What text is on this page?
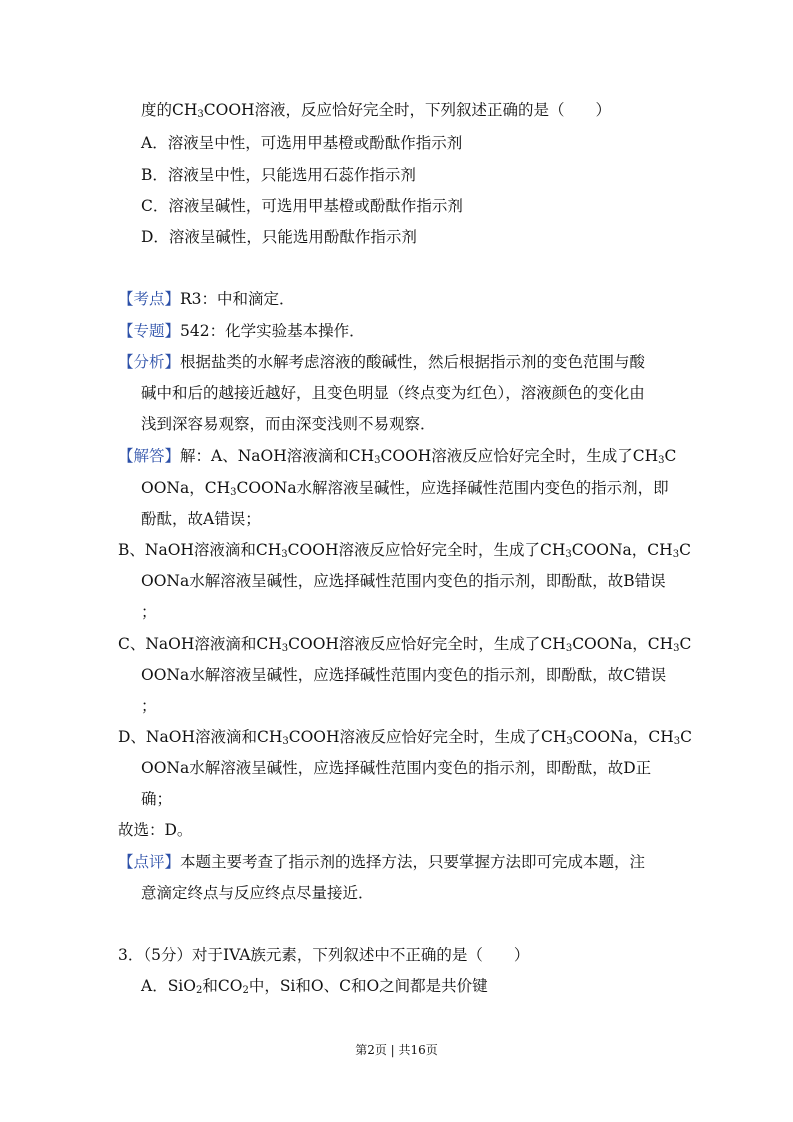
度的$CH_3COOH$溶液，反应恰好完全时，下列叙述正确的是（　　）
A．溶液呈中性，可选用甲基橙或酚酞作指示剂
B．溶液呈中性，只能选用石蕊作指示剂
C．溶液呈碱性，可选用甲基橙或酚酞作指示剂
D．溶液呈碱性，只能选用酚酞作指示剂
【考点】R3：中和滴定．
【专题】542：化学实验基本操作．
【分析】根据盐类的水解考虑溶液的酸碱性，然后根据指示剂的变色范围与酸
碱中和后的越接近越好，且变色明显（终点变为红色），溶液颜色的变化由
浅到深容易观察，而由深变浅则不易观察．
【解答】解：A、NaOH溶液滴和$CH_3COOH$溶液反应恰好完全时，生成了$CH_3C$
OONa，$CH_3COONa$水解溶液呈碱性，应选择碱性范围内变色的指示剂，即
酚酞，故A错误；
B、NaOH溶液滴和$CH_3COOH$溶液反应恰好完全时，生成了$CH_3COONa$，$CH_3C$
OONa水解溶液呈碱性，应选择碱性范围内变色的指示剂，即酚酞，故B错误
；
C、NaOH溶液滴和$CH_3COOH$溶液反应恰好完全时，生成了$CH_3COONa$，$CH_3C$
OONa水解溶液呈碱性，应选择碱性范围内变色的指示剂，即酚酞，故C错误
；
D、NaOH溶液滴和$CH_3COOH$溶液反应恰好完全时，生成了$CH_3COONa$，$CH_3C$
OONa水解溶液呈碱性，应选择碱性范围内变色的指示剂，即酚酞，故D正
确；
故选：D。
【点评】本题主要考查了指示剂的选择方法，只要掌握方法即可完成本题，注
意滴定终点与反应终点尽量接近．
3．（5分）对于IVA族元素，下列叙述中不正确的是（　　）
A．SiO$_2$和$CO_2$中，Si和O、C和O之间都是共价键
第2页 | 共16页
